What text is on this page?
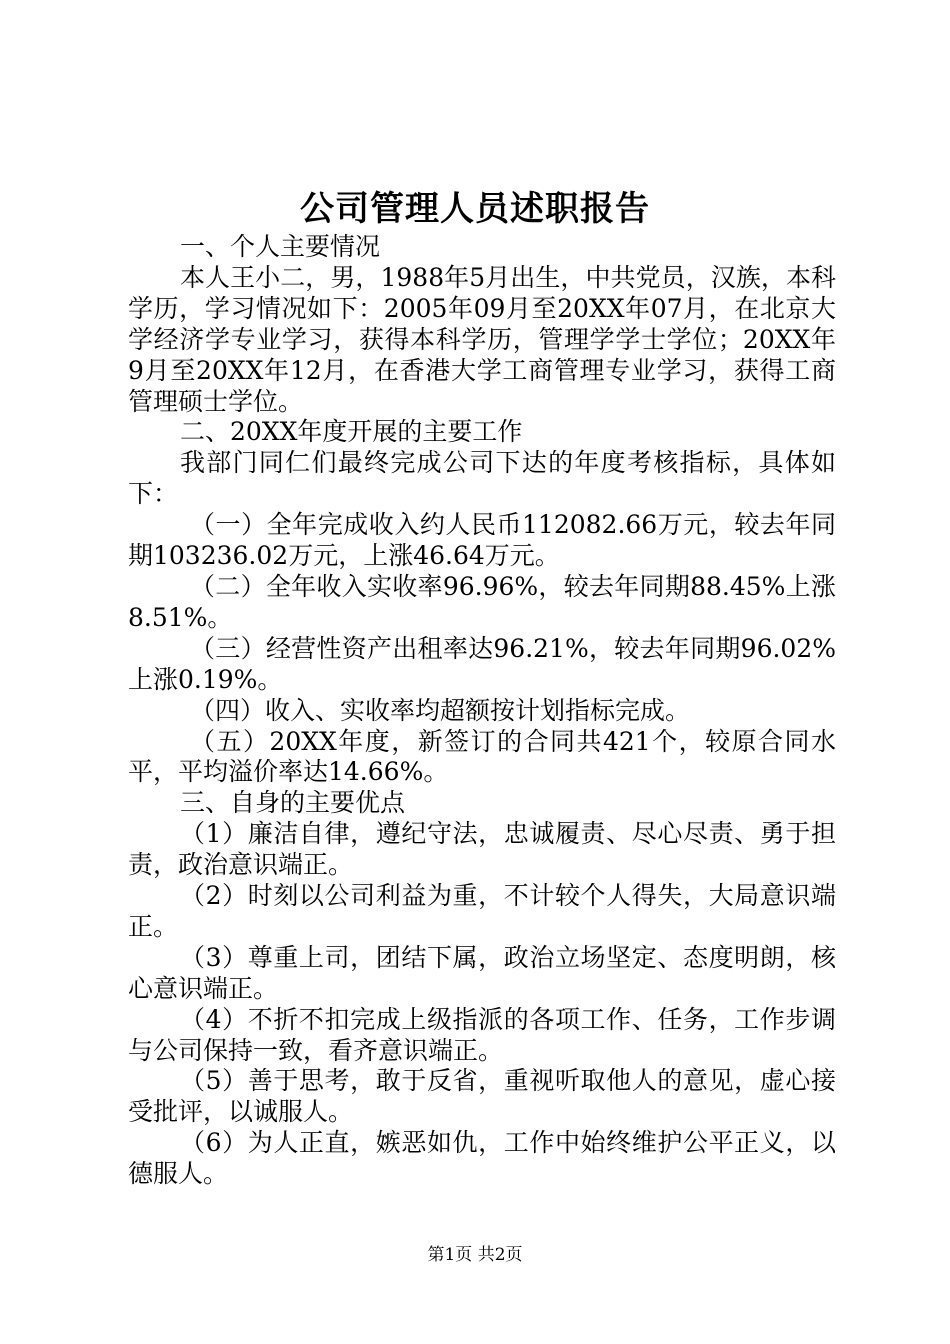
公司管理人员述职报告

一、个人主要情况

本人王小二，男，1988年5月出生，中共党员，汉族，本科学历，学习情况如下：2005年09月至20XX年07月，在北京大学经济学专业学习，获得本科学历，管理学学士学位；20XX年9月至20XX年12月，在香港大学工商管理专业学习，获得工商管理硕士学位。

二、20XX年度开展的主要工作

我部门同仁们最终完成公司下达的年度考核指标，具体如下：

（一）全年完成收入约人民币112082.66万元，较去年同期103236.02万元，上涨46.64万元。

（二）全年收入实收率96.96%，较去年同期88.45%上涨8.51%。

（三）经营性资产出租率达96.21%，较去年同期96.02%上涨0.19%。

（四）收入、实收率均超额按计划指标完成。

（五）20XX年度，新签订的合同共421个，较原合同水平，平均溢价率达14.66%。

三、自身的主要优点

（1）廉洁自律，遵纪守法，忠诚履责、尽心尽责、勇于担责，政治意识端正。

（2）时刻以公司利益为重，不计较个人得失，大局意识端正。

（3）尊重上司，团结下属，政治立场坚定、态度明朗，核心意识端正。

（4）不折不扣完成上级指派的各项工作、任务，工作步调与公司保持一致，看齐意识端正。

（5）善于思考，敢于反省，重视听取他人的意见，虚心接受批评，以诚服人。

（6）为人正直，嫉恶如仇，工作中始终维护公平正义，以德服人。

第1页 共2页
